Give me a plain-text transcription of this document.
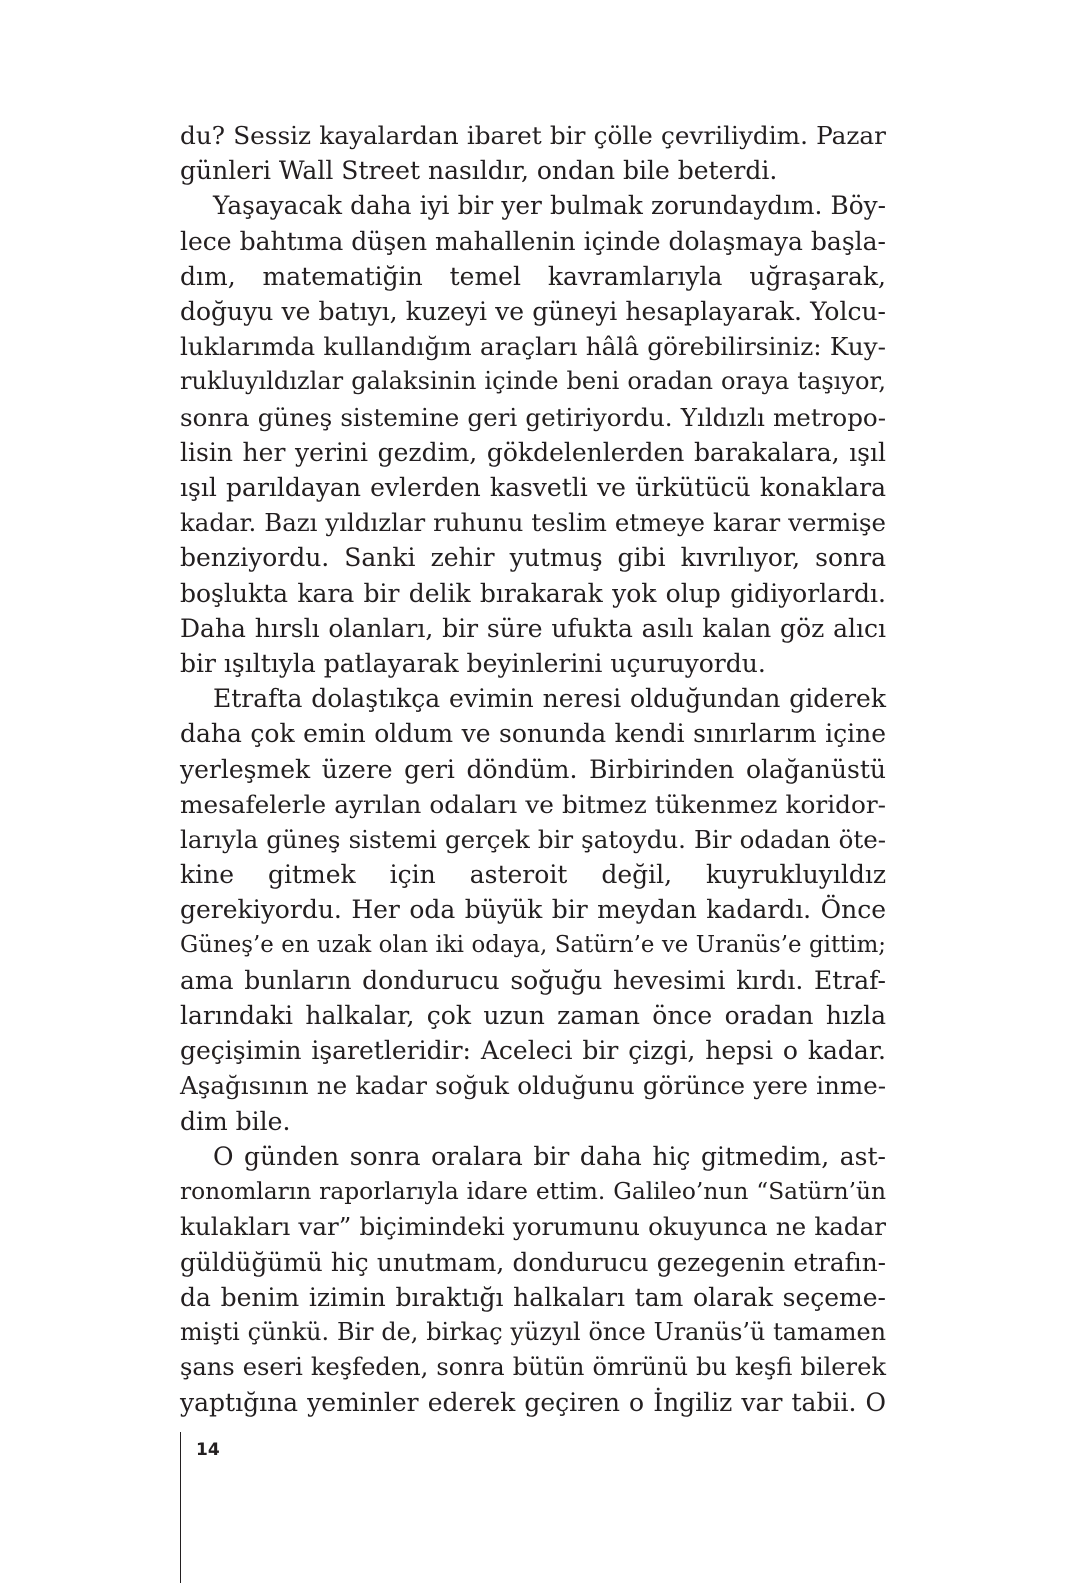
du? Sessiz kayalardan ibaret bir çölle çevriliydim. Pazar

günleri Wall Street nasıldır, ondan bile beterdi.

Yaşayacak daha iyi bir yer bulmak zorundaydım. Böy-

lece bahtıma düşen mahallenin içinde dolaşmaya başla-

dım, matematiğin temel kavramlarıyla uğraşarak,

doğuyu ve batıyı, kuzeyi ve güneyi hesaplayarak. Yolcu-

luklarımda kullandığım araçları hâlâ görebilirsiniz: Kuy-

rukluyıldızlar galaksinin içinde beni oradan oraya taşıyor,

sonra güneş sistemine geri getiriyordu. Yıldızlı metropo-

lisin her yerini gezdim, gökdelenlerden barakalara, ışıl

ışıl parıldayan evlerden kasvetli ve ürkütücü konaklara

kadar. Bazı yıldızlar ruhunu teslim etmeye karar vermişe

benziyordu. Sanki zehir yutmuş gibi kıvrılıyor, sonra

boşlukta kara bir delik bırakarak yok olup gidiyorlardı.

Daha hırslı olanları, bir süre ufukta asılı kalan göz alıcı

bir ışıltıyla patlayarak beyinlerini uçuruyordu.

Etrafta dolaştıkça evimin neresi olduğundan giderek

daha çok emin oldum ve sonunda kendi sınırlarım içine

yerleşmek üzere geri döndüm. Birbirinden olağanüstü

mesafelerle ayrılan odaları ve bitmez tükenmez koridor-

larıyla güneş sistemi gerçek bir şatoydu. Bir odadan öte-

kine gitmek için asteroit değil, kuyrukluyıldız

gerekiyordu. Her oda büyük bir meydan kadardı. Önce

Güneş’e en uzak olan iki odaya, Satürn’e ve Uranüs’e gittim;

ama bunların dondurucu soğuğu hevesimi kırdı. Etraf-

larındaki halkalar, çok uzun zaman önce oradan hızla

geçişimin işaretleridir: Aceleci bir çizgi, hepsi o kadar.

Aşağısının ne kadar soğuk olduğunu görünce yere inme-

dim bile.

O günden sonra oralara bir daha hiç gitmedim, ast-

ronomların raporlarıyla idare ettim. Galileo’nun “Satürn’ün

kulakları var” biçimindeki yorumunu okuyunca ne kadar

güldüğümü hiç unutmam, dondurucu gezegenin etrafın-

da benim izimin bıraktığı halkaları tam olarak seçeme-

mişti çünkü. Bir de, birkaç yüzyıl önce Uranüs’ü tamamen

şans eseri keşfeden, sonra bütün ömrünü bu keşfi bilerek

yaptığına yeminler ederek geçiren o İngiliz var tabii. O

14
